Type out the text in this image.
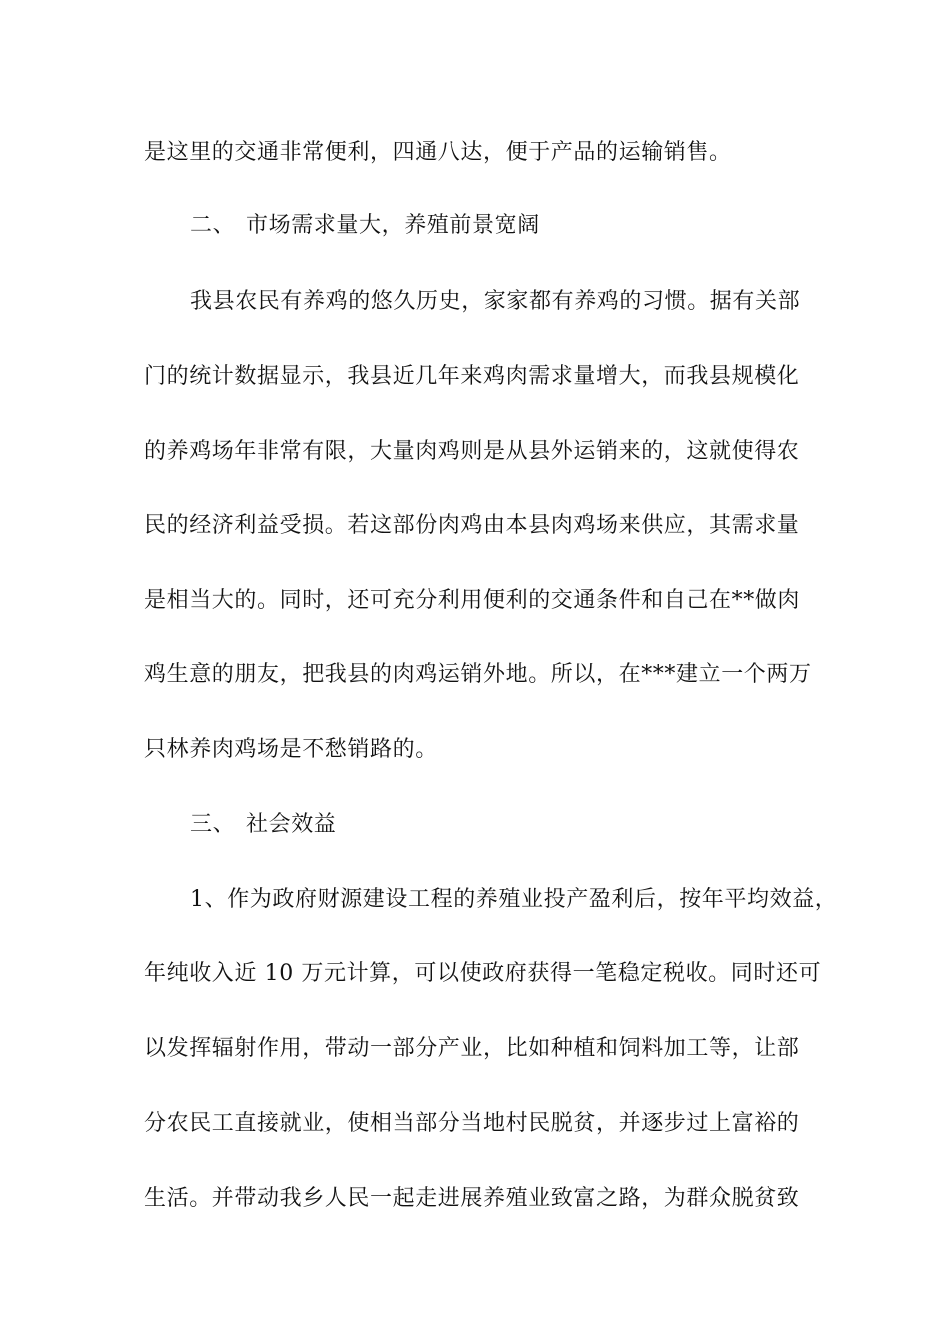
是这里的交通非常便利，四通八达，便于产品的运输销售。
二、 市场需求量大，养殖前景宽阔
我县农民有养鸡的悠久历史，家家都有养鸡的习惯。据有关部
门的统计数据显示，我县近几年来鸡肉需求量增大，而我县规模化
的养鸡场年非常有限，大量肉鸡则是从县外运销来的，这就使得农
民的经济利益受损。若这部份肉鸡由本县肉鸡场来供应，其需求量
是相当大的。同时，还可充分利用便利的交通条件和自己在**做肉
鸡生意的朋友，把我县的肉鸡运销外地。所以，在***建立一个两万
只林养肉鸡场是不愁销路的。
三、 社会效益
1、作为政府财源建设工程的养殖业投产盈利后，按年平均效益，
年纯收入近 10 万元计算，可以使政府获得一笔稳定税收。同时还可
以发挥辐射作用，带动一部分产业，比如种植和饲料加工等，让部
分农民工直接就业，使相当部分当地村民脱贫，并逐步过上富裕的
生活。并带动我乡人民一起走进展养殖业致富之路，为群众脱贫致
